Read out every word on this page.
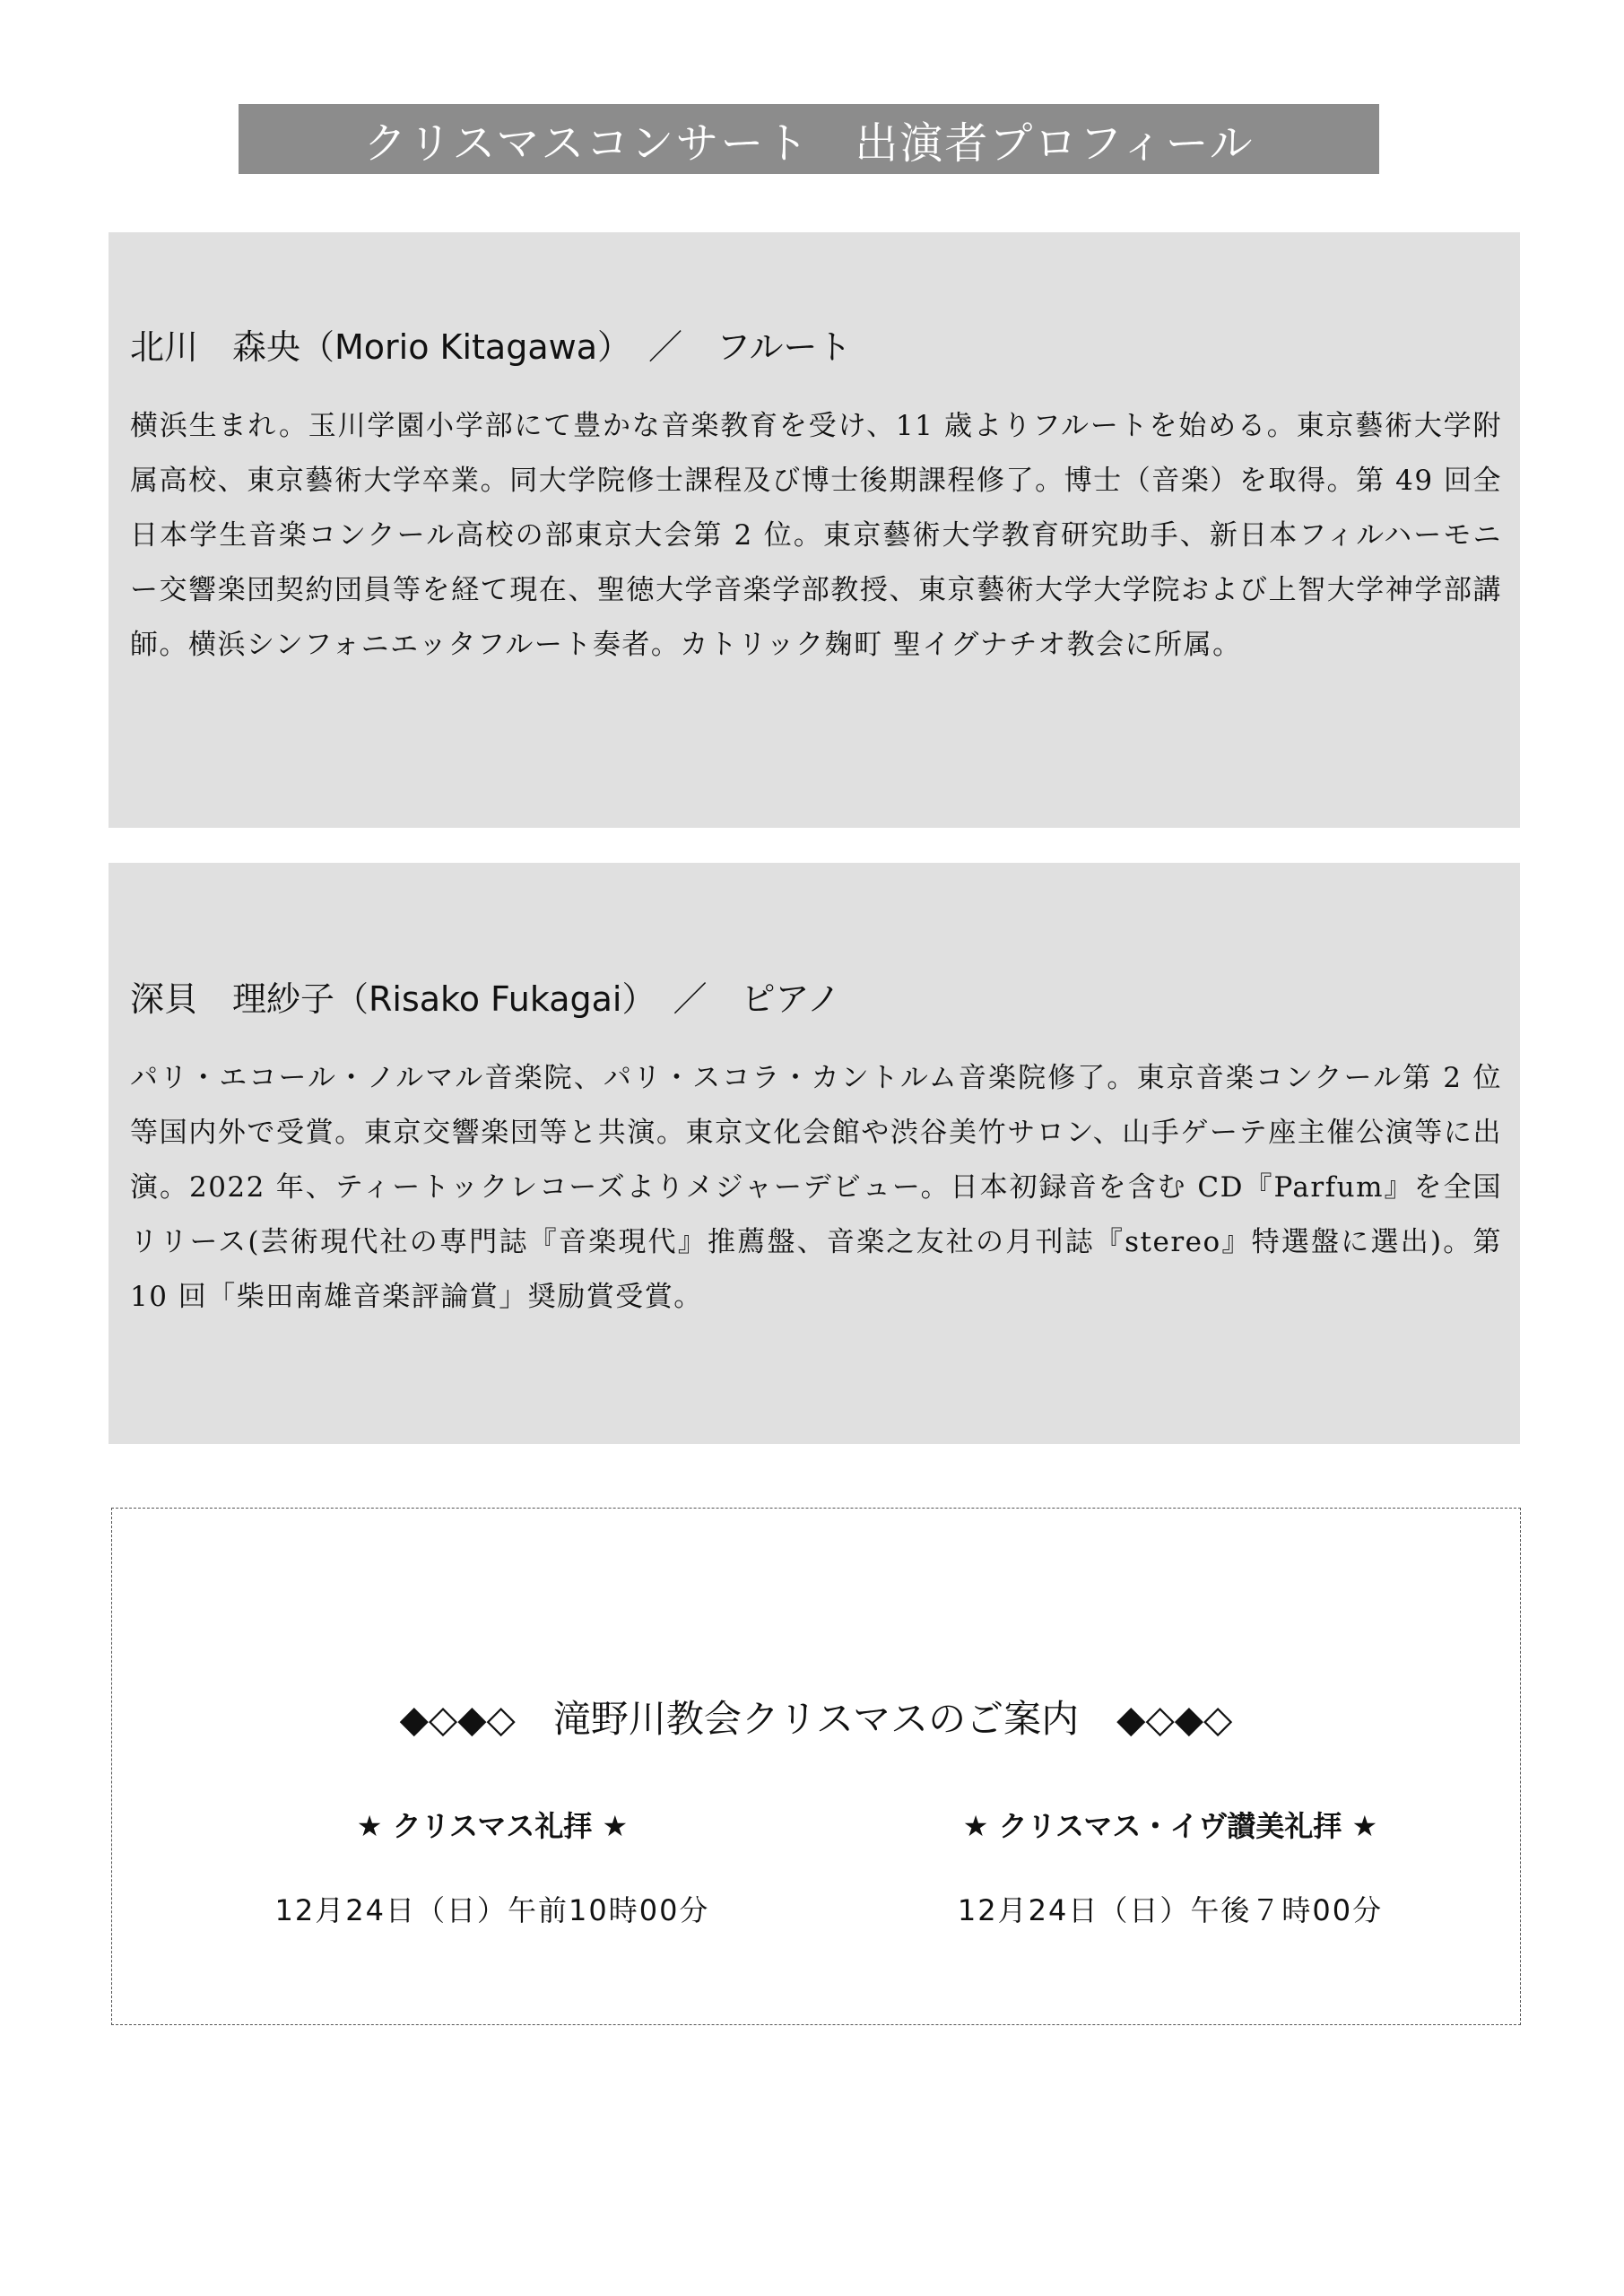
クリスマスコンサート　出演者プロフィール
北川　森央（Morio Kitagawa）　／　フルート
横浜生まれ。玉川学園小学部にて豊かな音楽教育を受け、11 歳よりフルートを始める。東京藝術大学附属高校、東京藝術大学卒業。同大学院修士課程及び博士後期課程修了。博士（音楽）を取得。第 49 回全日本学生音楽コンクール高校の部東京大会第 2 位。東京藝術大学教育研究助手、新日本フィルハーモニー交響楽団契約団員等を経て現在、聖徳大学音楽学部教授、東京藝術大学大学院および上智大学神学部講師。横浜シンフォニエッタフルート奏者。カトリック麹町 聖イグナチオ教会に所属。
深貝　理紗子（Risako Fukagai）　／　ピアノ
パリ・エコール・ノルマル音楽院、パリ・スコラ・カントルム音楽院修了。東京音楽コンクール第 2 位等国内外で受賞。東京交響楽団等と共演。東京文化会館や渋谷美竹サロン、山手ゲーテ座主催公演等に出演。2022 年、ティートックレコーズよりメジャーデビュー。日本初録音を含む CD『Parfum』を全国リリース(芸術現代社の専門誌『音楽現代』推薦盤、音楽之友社の月刊誌『stereo』特選盤に選出)。第 10 回「柴田南雄音楽評論賞」奨励賞受賞。
◆◇◆◇　滝野川教会クリスマスのご案内　◆◇◆◇

★ クリスマス礼拝 ★

12月24日（日）午前10時00分

★ クリスマス・イヴ讃美礼拝 ★

12月24日（日）午後７時00分
